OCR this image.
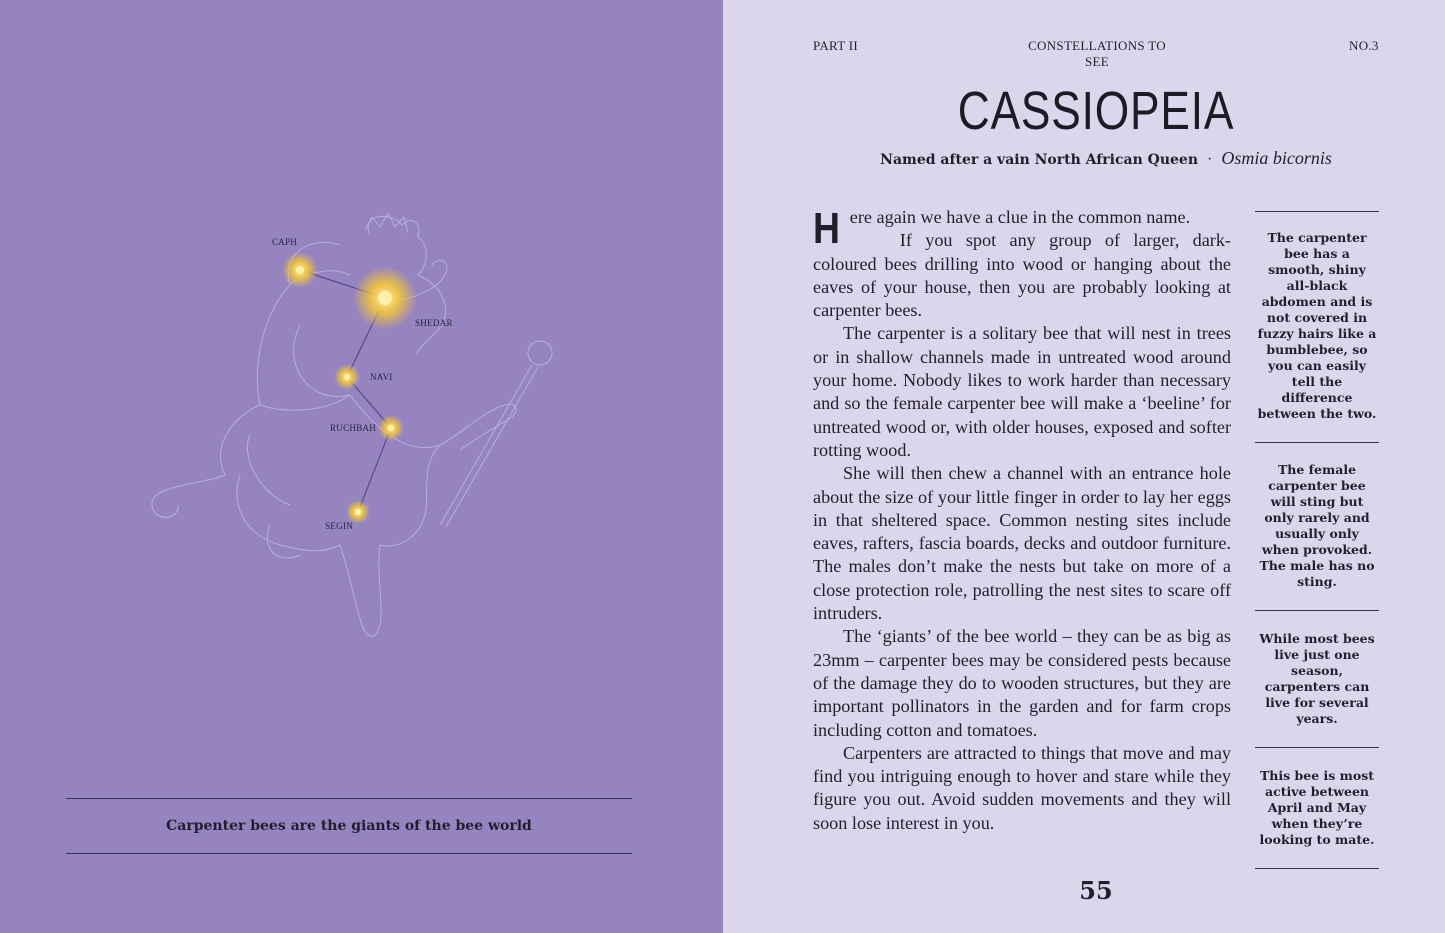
CAPH
SHEDAR
NAVI
RUCHBAH
SEGIN
Carpenter bees are the giants of the bee world
PART II	CONSTELLATIONS TO SEE
NO.3
CASSIOPEIA
Named after a vain North African Queen · Osmia bicornis

Here again we have a clue in the common name.
If you spot any group of larger, dark-coloured bees drilling into wood or hanging about the eaves of your house, then you are probably looking at carpenter bees.

The carpenter is a solitary bee that will nest in trees or in shallow channels made in untreated wood around your home. Nobody likes to work harder than necessary and so the female carpenter bee will make a ‘beeline’ for untreated wood or, with older houses, exposed and softer rotting wood.

She will then chew a channel with an entrance hole about the size of your little finger in order to lay her eggs in that sheltered space. Common nesting sites include eaves, rafters, fascia boards, decks and outdoor furniture. The males don’t make the nests but take on more of a close protection role, patrolling the nest sites to scare off intruders.

The ‘giants’ of the bee world – they can be as big as 23mm – carpenter bees may be considered pests because of the damage they do to wooden structures, but they are important pollinators in the garden and for farm crops including cotton and tomatoes.

Carpenters are attracted to things that move and may find you intriguing enough to hover and stare while they figure you out. Avoid sudden movements and they will soon lose interest in you.

The carpenter bee has a smooth, shiny all-black abdomen and is not covered in fuzzy hairs like a bumblebee, so you can easily tell the difference between the two.
The female carpenter bee will sting but only rarely and usually only when provoked. The male has no sting.
While most bees live just one season, carpenters can live for several years.
This bee is most active between April and May when they’re looking to mate.
55
